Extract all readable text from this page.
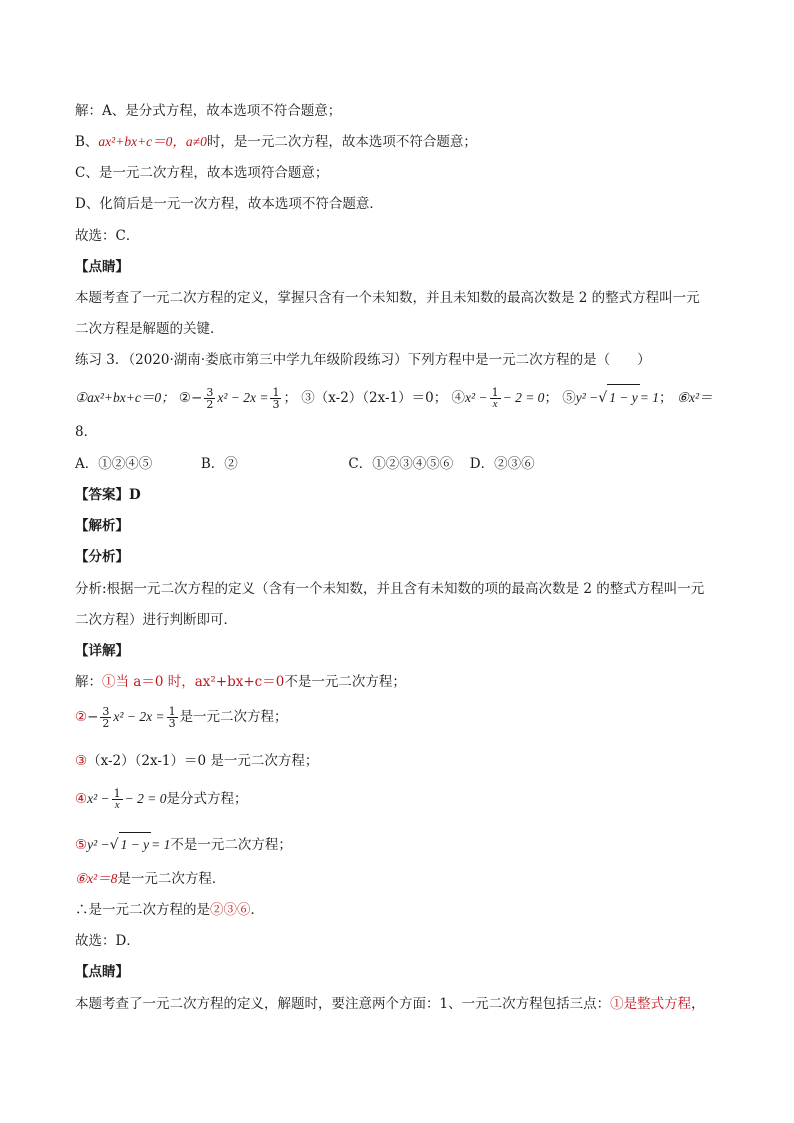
解：A、是分式方程，故本选项不符合题意；
B、ax²+bx+c＝0，a≠0时，是一元二次方程，故本选项不符合题意；
C、是一元二次方程，故本选项符合题意；
D、化简后是一元一次方程，故本选项不符合题意．
故选：C．
【点睛】
本题考查了一元二次方程的定义，掌握只含有一个未知数，并且未知数的最高次数是 2 的整式方程叫一元
二次方程是解题的关键．
练习 3．（2020·湖南·娄底市第三中学九年级阶段练习）下列方程中是一元二次方程的是（　　）
①ax²+bx+c＝0； ②− $\frac{3}{2} x^2 - 2x = \frac{1}{3}$ ； ③（x-2）（2x-1）＝0； ④x² − $\frac{1}{x} - 2 = 0$； ⑤y² −√ 1 − y = 1； ⑥x²＝
8．
A．①②④⑤	B．②	C．①②③④⑤⑥ D．②③⑥
【答案】D
【解析】
【分析】
分析:根据一元二次方程的定义（含有一个未知数，并且含有未知数的项的最高次数是 2 的整式方程叫一元
二次方程）进行判断即可．
【详解】
解：①当 a＝0 时，ax²+bx+c＝0不是一元二次方程；
②− $\frac{3}{2} x^2 - 2x = \frac{1}{3}$ 是一元二次方程；
③（x-2）（2x-1）＝0 是一元二次方程；
④x² − $\frac{1}{x} - 2 = 0$是分式方程；
⑤y² −√ 1 − y = 1不是一元二次方程；
⑥x²＝8是一元二次方程．
∴是一元二次方程的是②③⑥．
故选：D．
【点睛】
本题考查了一元二次方程的定义，解题时，要注意两个方面：1、一元二次方程包括三点：①是整式方程，
